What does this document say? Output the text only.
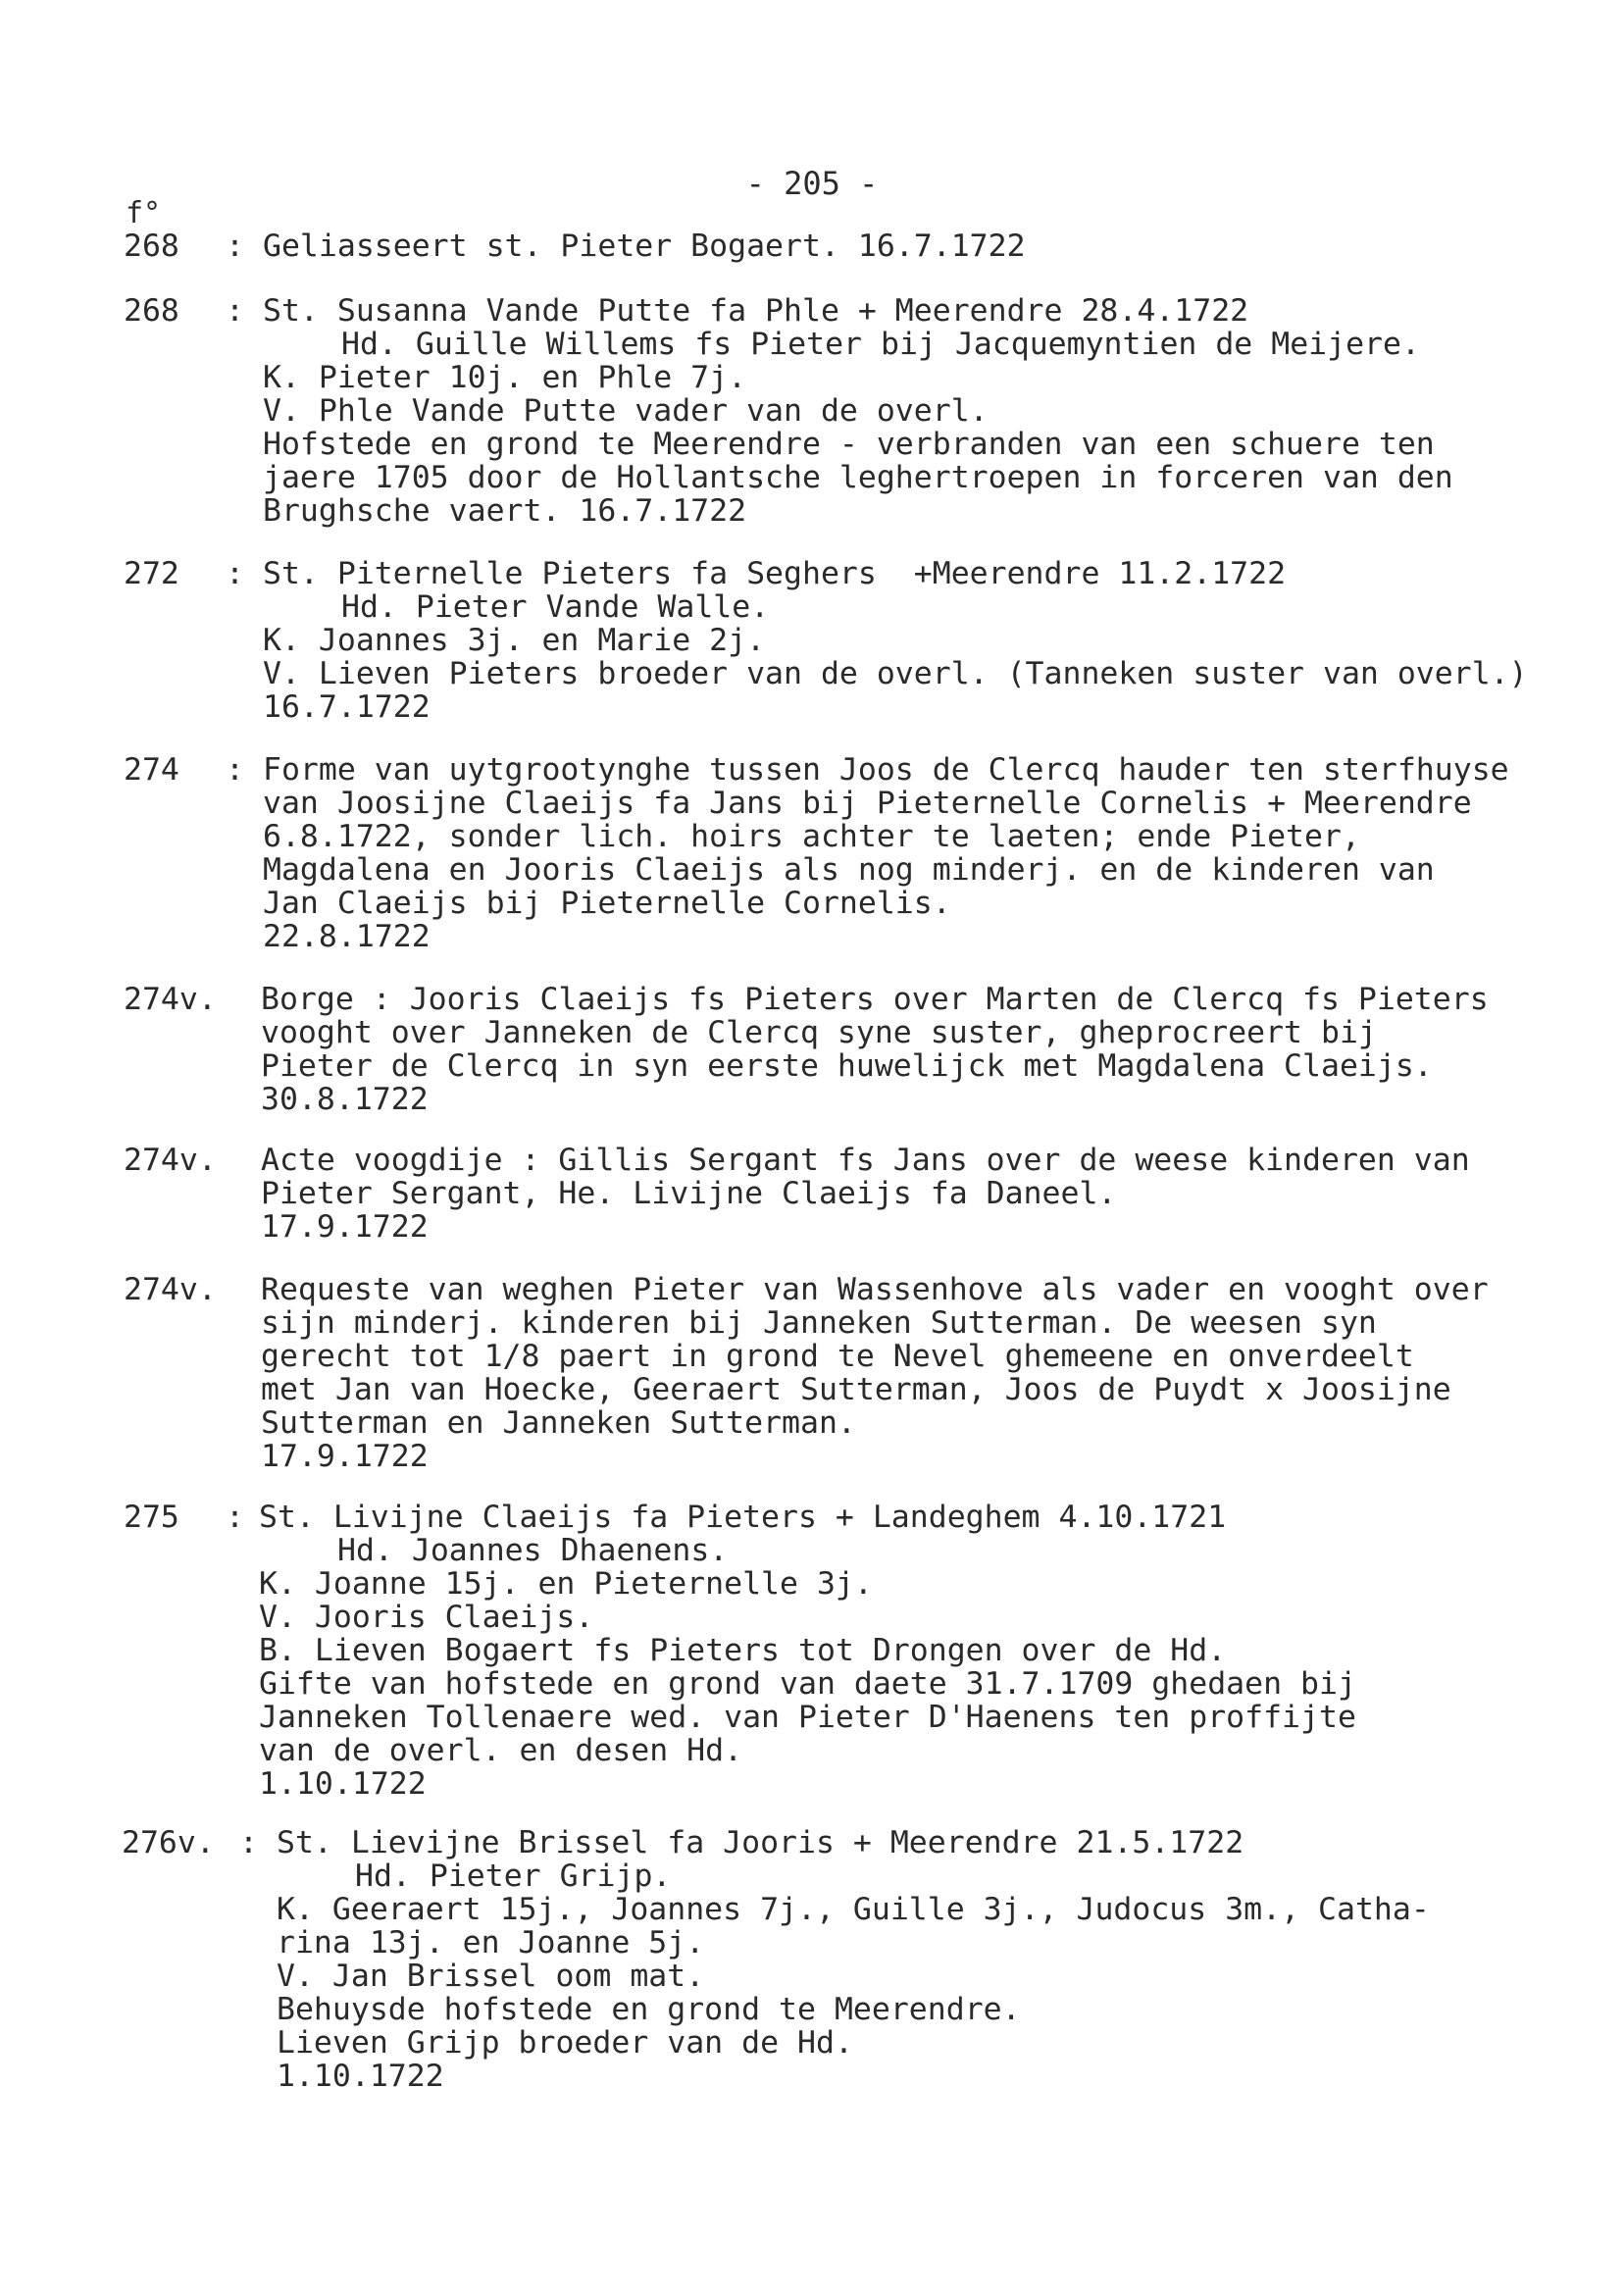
- 205 -
f°
268 : Geliasseert st. Pieter Bogaert. 16.7.1722
268 : St. Susanna Vande Putte fa Phle + Meerendre 28.4.1722
Hd. Guille Willems fs Pieter bij Jacquemyntien de Meijere.
K. Pieter 10j. en Phle 7j.
V. Phle Vande Putte vader van de overl.
Hofstede en grond te Meerendre - verbranden van een schuere ten
jaere 1705 door de Hollantsche leghertroepen in forceren van den
Brughsche vaert. 16.7.1722
272 : St. Piternelle Pieters fa Seghers  +Meerendre 11.2.1722
Hd. Pieter Vande Walle.
K. Joannes 3j. en Marie 2j.
V. Lieven Pieters broeder van de overl. (Tanneken suster van overl.)
16.7.1722
274 : Forme van uytgrootynghe tussen Joos de Clercq hauder ten sterfhuyse
van Joosijne Claeijs fa Jans bij Pieternelle Cornelis + Meerendre
6.8.1722, sonder lich. hoirs achter te laeten; ende Pieter,
Magdalena en Jooris Claeijs als nog minderj. en de kinderen van
Jan Claeijs bij Pieternelle Cornelis.
22.8.1722
274v. Borge : Jooris Claeijs fs Pieters over Marten de Clercq fs Pieters
vooght over Janneken de Clercq syne suster, gheprocreert bij
Pieter de Clercq in syn eerste huwelijck met Magdalena Claeijs.
30.8.1722
274v. Acte voogdije : Gillis Sergant fs Jans over de weese kinderen van
Pieter Sergant, He. Livijne Claeijs fa Daneel.
17.9.1722
274v. Requeste van weghen Pieter van Wassenhove als vader en vooght over
sijn minderj. kinderen bij Janneken Sutterman. De weesen syn
gerecht tot 1/8 paert in grond te Nevel ghemeene en onverdeelt
met Jan van Hoecke, Geeraert Sutterman, Joos de Puydt x Joosijne
Sutterman en Janneken Sutterman.
17.9.1722
275 : St. Livijne Claeijs fa Pieters + Landeghem 4.10.1721
Hd. Joannes Dhaenens.
K. Joanne 15j. en Pieternelle 3j.
V. Jooris Claeijs.
B. Lieven Bogaert fs Pieters tot Drongen over de Hd.
Gifte van hofstede en grond van daete 31.7.1709 ghedaen bij
Janneken Tollenaere wed. van Pieter D'Haenens ten proffijte
van de overl. en desen Hd.
1.10.1722
276v. : St. Lievijne Brissel fa Jooris + Meerendre 21.5.1722
Hd. Pieter Grijp.
K. Geeraert 15j., Joannes 7j., Guille 3j., Judocus 3m., Catha-
rina 13j. en Joanne 5j.
V. Jan Brissel oom mat.
Behuysde hofstede en grond te Meerendre.
Lieven Grijp broeder van de Hd.
1.10.1722
